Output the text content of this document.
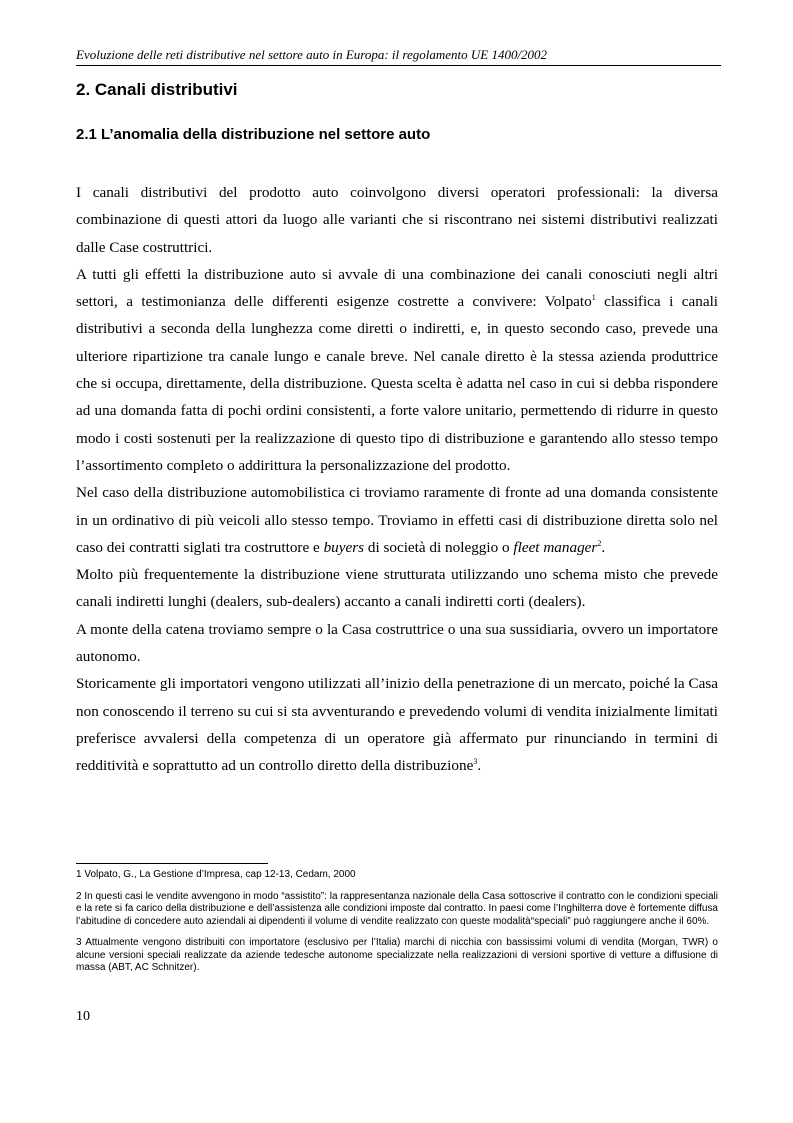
Evoluzione delle reti distributive nel settore auto in Europa: il regolamento UE 1400/2002
2. Canali distributivi
2.1 L’anomalia della distribuzione nel settore auto

I canali distributivi del prodotto auto coinvolgono diversi operatori professionali: la diversa combinazione di questi attori da luogo alle varianti che si riscontrano nei sistemi distributivi realizzati dalle Case costruttrici.

A tutti gli effetti la distribuzione auto si avvale di una combinazione dei canali conosciuti negli altri settori, a testimonianza delle differenti esigenze costrette a convivere: Volpato$^1$ classifica i canali distributivi a seconda della lunghezza come diretti o indiretti, e, in questo secondo caso, prevede una ulteriore ripartizione tra canale lungo e canale breve. Nel canale diretto è la stessa azienda produttrice che si occupa, direttamente, della distribuzione. Questa scelta è adatta nel caso in cui si debba rispondere ad una domanda fatta di pochi ordini consistenti, a forte valore unitario, permettendo di ridurre in questo modo i costi sostenuti per la realizzazione di questo tipo di distribuzione e garantendo allo stesso tempo l’assortimento completo o addirittura la personalizzazione del prodotto.

Nel caso della distribuzione automobilistica ci troviamo raramente di fronte ad una domanda consistente in un ordinativo di più veicoli allo stesso tempo. Troviamo in effetti casi di distribuzione diretta solo nel caso dei contratti siglati tra costruttore e buyers di società di noleggio o fleet manager$^2$.

Molto più frequentemente la distribuzione viene strutturata utilizzando uno schema misto che prevede canali indiretti lunghi (dealers, sub-dealers) accanto a canali indiretti corti (dealers).

A monte della catena troviamo sempre o la Casa costruttrice o una sua sussidiaria, ovvero un importatore autonomo.

Storicamente gli importatori vengono utilizzati all’inizio della penetrazione di un mercato, poiché la Casa non conoscendo il terreno su cui si sta avventurando e prevedendo volumi di vendita inizialmente limitati preferisce avvalersi della competenza di un operatore già affermato pur rinunciando in termini di redditività e soprattutto ad un controllo diretto della distribuzione$^3$.

1 Volpato, G., La Gestione d’Impresa, cap 12-13, Cedam, 2000

2 In questi casi le vendite avvengono in modo “assistito”: la rappresentanza nazionale della Casa sottoscrive il contratto con le condizioni speciali e la rete si fa carico della distribuzione e dell’assistenza alle condizioni imposte dal contratto. In paesi come l’Inghilterra dove è fortemente diffusa l’abitudine di concedere auto aziendali ai dipendenti il volume di vendite realizzato con queste modalità“speciali” può raggiungere anche il 60%.

3 Attualmente vengono distribuiti con importatore (esclusivo per l’Italia) marchi di nicchia con bassissimi volumi di vendita (Morgan, TWR) o alcune versioni speciali realizzate da aziende tedesche autonome specializzate nella realizzazioni di versioni sportive di vetture a diffusione di massa (ABT, AC Schnitzer).

10
